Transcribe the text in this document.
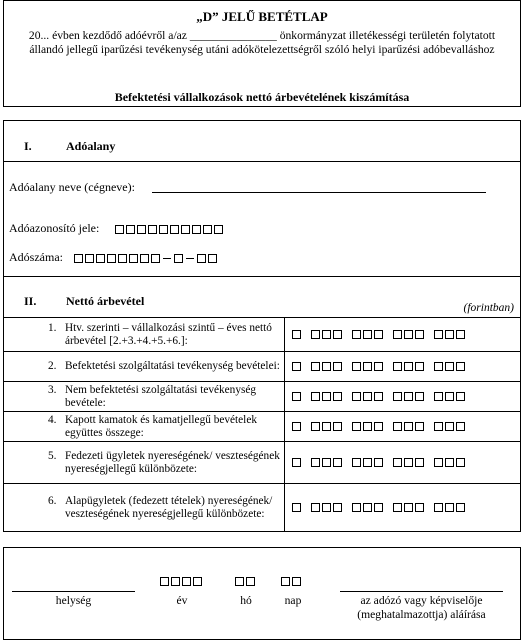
„D” JELŰ BETÉTLAP
20... évben kezdődő adóévről a/az _______________ önkormányzat illetékességi területén folytatott állandó jellegű iparűzési tevékenység utáni adókötelezettségről szóló helyi iparűzési adóbevalláshoz
Befektetési vállalkozások nettó árbevételének kiszámítása
I.	Adóalany
Adóalany neve (cégneve):
Adóazonosító jele:
Adószáma:
II. Nettó árbevétel	(forintban)
1. Htv. szerinti – vállalkozási szintű – éves nettó árbevétel [2.+3.+4.+5.+6.]:	

2. Befektetési szolgáltatási tevékenység bevételei:	

3. Nem befektetési szolgáltatási tevékenység bevétele:	

4. Kapott kamatok és kamatjellegű bevételek együttes összege:	

5. Fedezeti ügyletek nyereségének/ veszteségének nyereségjellegű különbözete:	

6. Alapügyletek (fedezett tételek) nyereségének/ veszteségének nyereségjellegű különbözete:	

helység	év	hó	nap	az adózó vagy képviselője
(meghatalmazottja) aláírása
